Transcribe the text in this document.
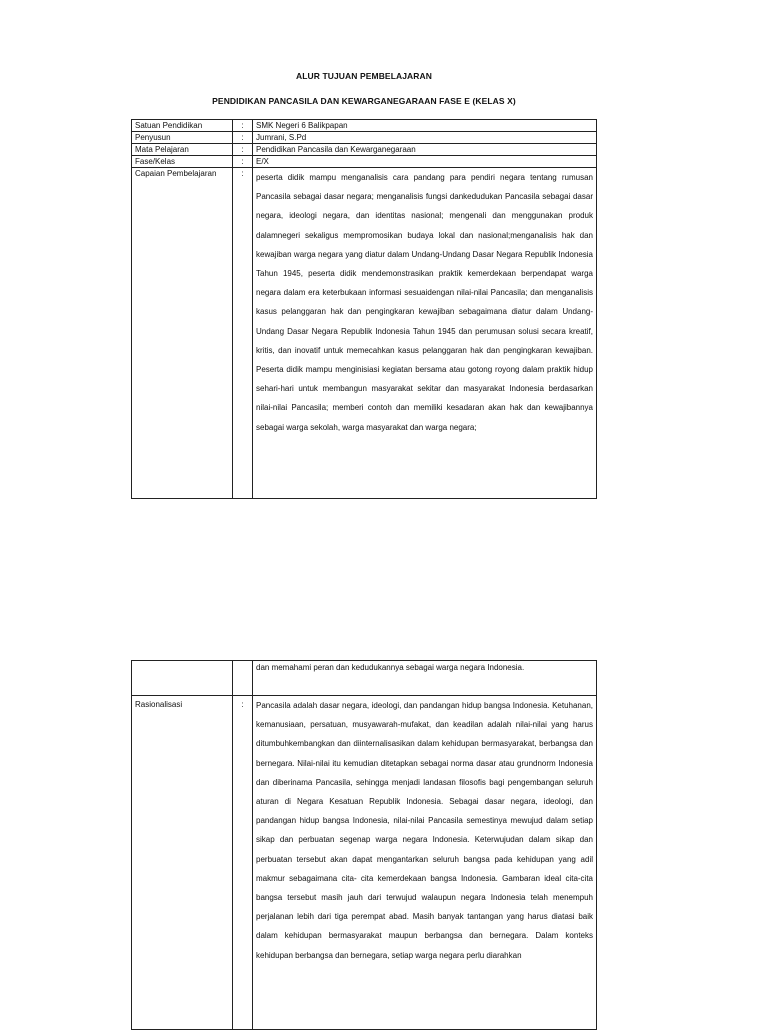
ALUR TUJUAN PEMBELAJARAN
PENDIDIKAN PANCASILA DAN KEWARGANEGARAAN FASE E (KELAS X)
Satuan Pendidikan	:	SMK Negeri 6 Balikpapan
Penyusun	:	Jumrani, S.Pd
Mata Pelajaran	:	Pendidikan Pancasila dan Kewarganegaraan
Fase/Kelas	:	E/X
Capaian Pembelajaran	:	peserta didik mampu menganalisis cara pandang para pendiri negara tentang rumusan Pancasila sebagai dasar negara; menganalisis fungsi dankedudukan Pancasila sebagai dasar negara, ideologi negara, dan identitas nasional; mengenali dan menggunakan produk dalamnegeri sekaligus mempromosikan budaya lokal dan nasional;menganalisis hak dan kewajiban warga negara yang diatur dalam Undang-Undang Dasar Negara Republik Indonesia Tahun 1945, peserta didik mendemonstrasikan praktik kemerdekaan berpendapat warga negara dalam era keterbukaan informasi sesuaidengan nilai-nilai Pancasila; dan menganalisis kasus pelanggaran hak dan pengingkaran kewajiban sebagaimana diatur dalam Undang-Undang Dasar Negara Republik Indonesia Tahun 1945 dan perumusan solusi secara kreatif, kritis, dan inovatif untuk memecahkan kasus pelanggaran hak dan pengingkaran kewajiban. Peserta didik mampu menginisiasi kegiatan bersama atau gotong royong dalam praktik hidup sehari-hari untuk membangun masyarakat sekitar dan masyarakat Indonesia berdasarkan nilai-nilai Pancasila; memberi contoh dan memiliki kesadaran akan hak dan kewajibannya sebagai warga sekolah, warga masyarakat dan warga negara;
		dan memahami peran dan kedudukannya sebagai warga negara Indonesia.
Rasionalisasi	:	Pancasila adalah dasar negara, ideologi, dan pandangan hidup bangsa Indonesia. Ketuhanan, kemanusiaan, persatuan, musyawarah-mufakat, dan keadilan adalah nilai-nilai yang harus ditumbuhkembangkan dan diinternalisasikan dalam kehidupan bermasyarakat, berbangsa dan bernegara. Nilai-nilai itu kemudian ditetapkan sebagai norma dasar atau grundnorm Indonesia dan diberinama Pancasila, sehingga menjadi landasan filosofis bagi pengembangan seluruh aturan di Negara Kesatuan Republik Indonesia. Sebagai dasar negara, ideologi, dan pandangan hidup bangsa Indonesia, nilai-nilai Pancasila semestinya mewujud dalam setiap sikap dan perbuatan segenap warga negara Indonesia. Keterwujudan dalam sikap dan perbuatan tersebut akan dapat mengantarkan seluruh bangsa pada kehidupan yang adil makmur sebagaimana cita- cita kemerdekaan bangsa Indonesia. Gambaran ideal cita-cita bangsa tersebut masih jauh dari terwujud walaupun negara Indonesia telah menempuh perjalanan lebih dari tiga perempat abad. Masih banyak tantangan yang harus diatasi baik dalam kehidupan bermasyarakat maupun berbangsa dan bernegara. Dalam konteks kehidupan berbangsa dan bernegara, setiap warga negara perlu diarahkan
